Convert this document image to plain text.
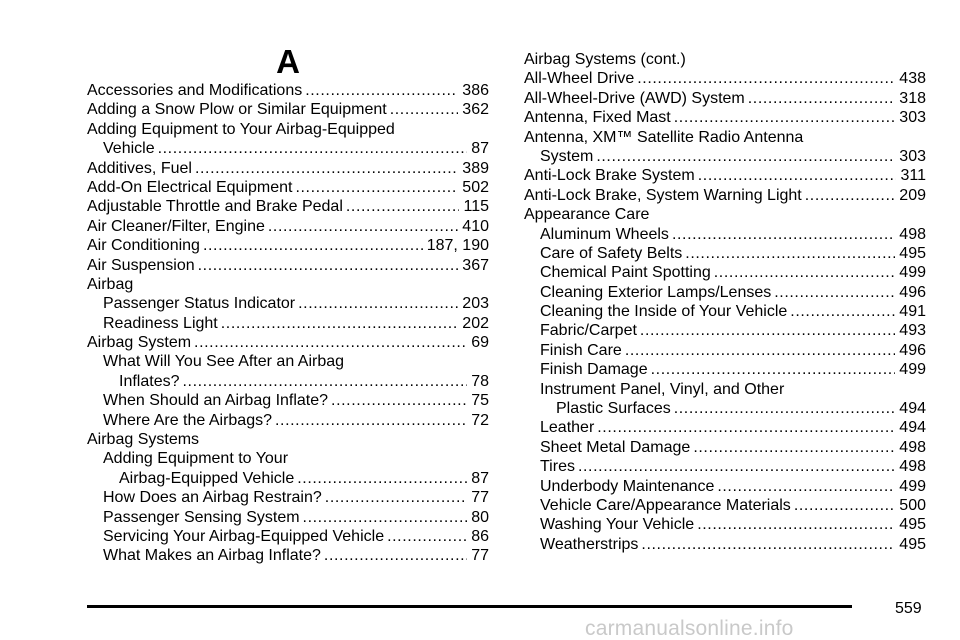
A
Accessories and Modifications .....	386
Adding a Snow Plow or Similar Equipment .....	362
Adding Equipment to Your Airbag-Equipped
Vehicle .....	87
Additives, Fuel .....	389
Add-On Electrical Equipment .....	502
Adjustable Throttle and Brake Pedal .....	115
Air Cleaner/Filter, Engine .....	410
Air Conditioning .....	187, 190
Air Suspension .....	367
Airbag
Passenger Status Indicator .....	203
Readiness Light .....	202
Airbag System .....	69
What Will You See After an Airbag
Inflates? .....	78
When Should an Airbag Inflate? .....	75
Where Are the Airbags? .....	72
Airbag Systems
Adding Equipment to Your
Airbag-Equipped Vehicle .....	87
How Does an Airbag Restrain? .....	77
Passenger Sensing System .....	80
Servicing Your Airbag-Equipped Vehicle .....	86
What Makes an Airbag Inflate? .....	77
Airbag Systems (cont.)
All-Wheel Drive .....	438
All-Wheel-Drive (AWD) System .....	318
Antenna, Fixed Mast .....	303
Antenna, XM™ Satellite Radio Antenna
System .....	303
Anti-Lock Brake System .....	311
Anti-Lock Brake, System Warning Light .....	209
Appearance Care
Aluminum Wheels .....	498
Care of Safety Belts .....	495
Chemical Paint Spotting .....	499
Cleaning Exterior Lamps/Lenses .....	496
Cleaning the Inside of Your Vehicle .....	491
Fabric/Carpet .....	493
Finish Care .....	496
Finish Damage .....	499
Instrument Panel, Vinyl, and Other
Plastic Surfaces .....	494
Leather .....	494
Sheet Metal Damage .....	498
Tires .....	498
Underbody Maintenance .....	499
Vehicle Care/Appearance Materials .....	500
Washing Your Vehicle .....	495
Weatherstrips .....	495
559
carmanualsonline.info
